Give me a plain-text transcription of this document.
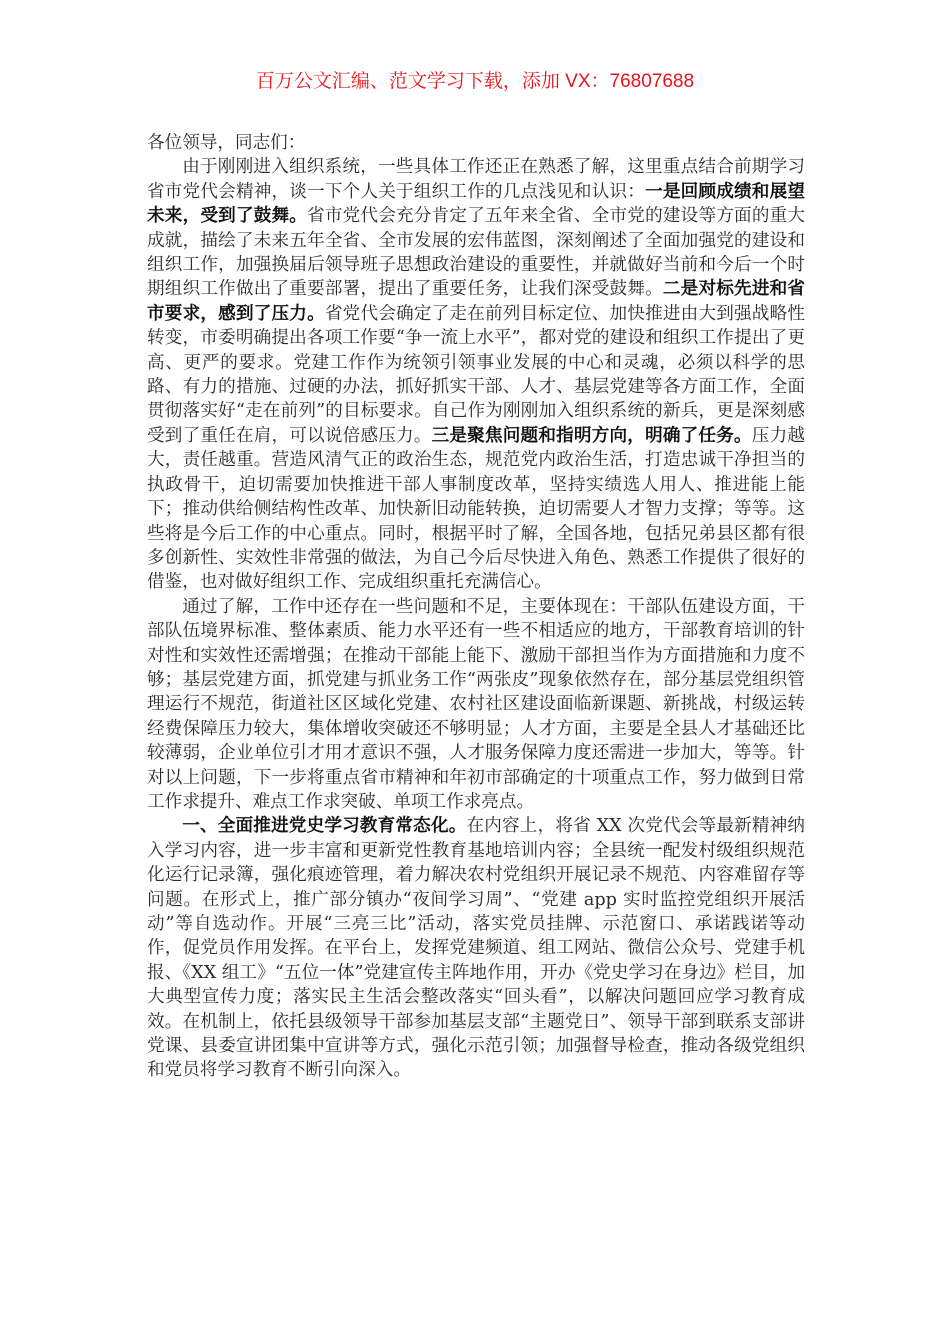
百万公文汇编、范文学习下载，添加 VX：76807688

各位领导，同志们：

由于刚刚进入组织系统，一些具体工作还正在熟悉了解，这里重点结合前期学习省市党代会精神，谈一下个人关于组织工作的几点浅见和认识：一是回顾成绩和展望未来，受到了鼓舞。省市党代会充分肯定了五年来全省、全市党的建设等方面的重大成就，描绘了未来五年全省、全市发展的宏伟蓝图，深刻阐述了全面加强党的建设和组织工作，加强换届后领导班子思想政治建设的重要性，并就做好当前和今后一个时期组织工作做出了重要部署，提出了重要任务，让我们深受鼓舞。二是对标先进和省市要求，感到了压力。省党代会确定了走在前列目标定位、加快推进由大到强战略性转变，市委明确提出各项工作要“争一流上水平”，都对党的建设和组织工作提出了更高、更严的要求。党建工作作为统领引领事业发展的中心和灵魂，必须以科学的思路、有力的措施、过硬的办法，抓好抓实干部、人才、基层党建等各方面工作，全面贯彻落实好“走在前列”的目标要求。自己作为刚刚加入组织系统的新兵，更是深刻感受到了重任在肩，可以说倍感压力。三是聚焦问题和指明方向，明确了任务。压力越大，责任越重。营造风清气正的政治生态，规范党内政治生活，打造忠诚干净担当的执政骨干，迫切需要加快推进干部人事制度改革，坚持实绩选人用人、推进能上能下；推动供给侧结构性改革、加快新旧动能转换，迫切需要人才智力支撑；等等。这些将是今后工作的中心重点。同时，根据平时了解，全国各地，包括兄弟县区都有很多创新性、实效性非常强的做法，为自己今后尽快进入角色、熟悉工作提供了很好的借鉴，也对做好组织工作、完成组织重托充满信心。

通过了解，工作中还存在一些问题和不足，主要体现在：干部队伍建设方面，干部队伍境界标准、整体素质、能力水平还有一些不相适应的地方，干部教育培训的针对性和实效性还需增强；在推动干部能上能下、激励干部担当作为方面措施和力度不够；基层党建方面，抓党建与抓业务工作“两张皮”现象依然存在，部分基层党组织管理运行不规范，街道社区区域化党建、农村社区建设面临新课题、新挑战，村级运转经费保障压力较大，集体增收突破还不够明显；人才方面，主要是全县人才基础还比较薄弱，企业单位引才用才意识不强，人才服务保障力度还需进一步加大，等等。针对以上问题，下一步将重点省市精神和年初市部确定的十项重点工作，努力做到日常工作求提升、难点工作求突破、单项工作求亮点。

一、全面推进党史学习教育常态化。在内容上，将省 XX 次党代会等最新精神纳入学习内容，进一步丰富和更新党性教育基地培训内容；全县统一配发村级组织规范化运行记录簿，强化痕迹管理，着力解决农村党组织开展记录不规范、内容难留存等问题。在形式上，推广部分镇办“夜间学习周”、“党建 app 实时监控党组织开展活动”等自选动作。开展“三亮三比”活动，落实党员挂牌、示范窗口、承诺践诺等动作，促党员作用发挥。在平台上，发挥党建频道、组工网站、微信公众号、党建手机报、《XX 组工》“五位一体”党建宣传主阵地作用，开办《党史学习在身边》栏目，加大典型宣传力度；落实民主生活会整改落实“回头看”，以解决问题回应学习教育成效。在机制上，依托县级领导干部参加基层支部“主题党日”、领导干部到联系支部讲党课、县委宣讲团集中宣讲等方式，强化示范引领；加强督导检查，推动各级党组织和党员将学习教育不断引向深入。
